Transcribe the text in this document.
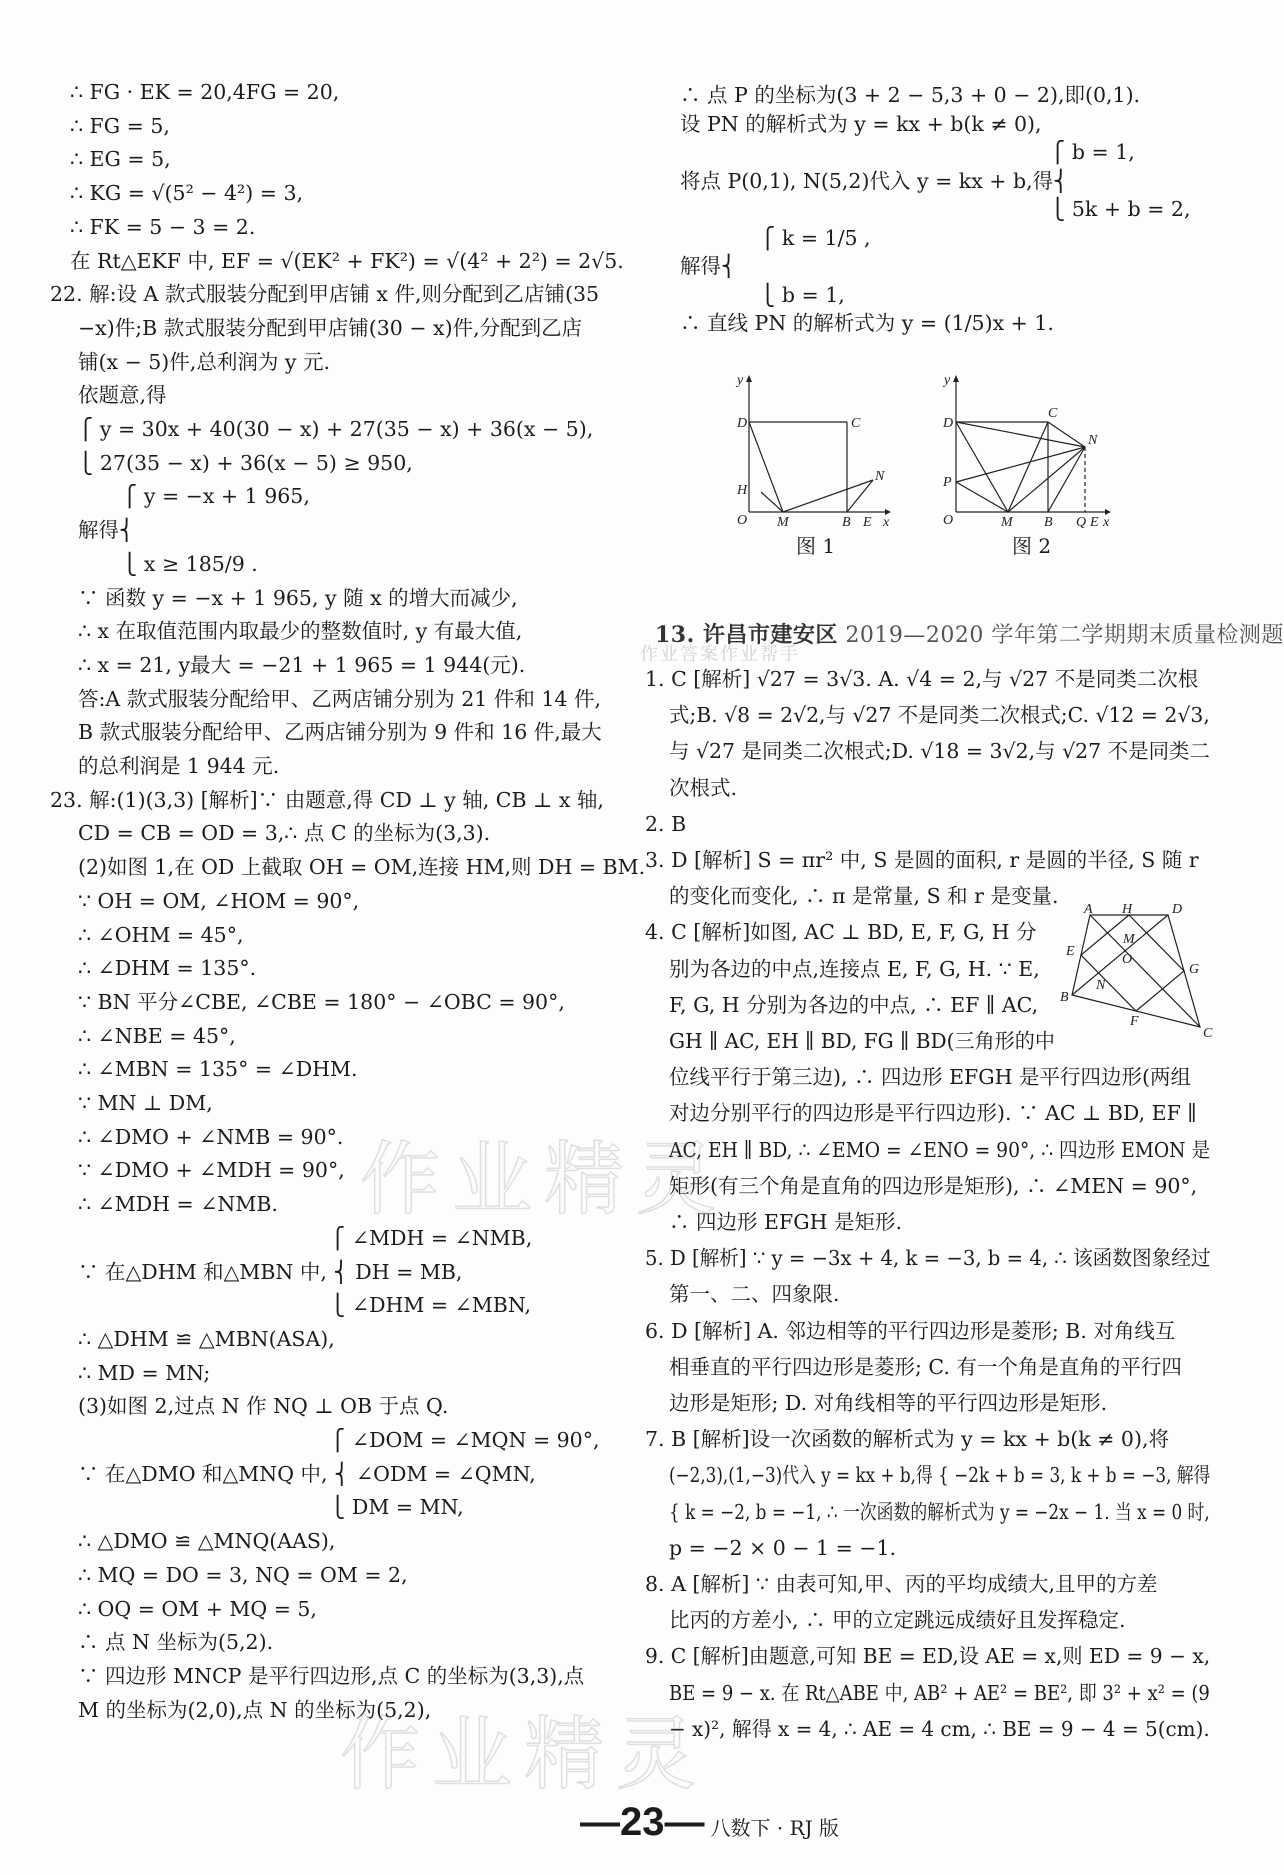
∴ FG · EK = 20,4FG = 20,
∴ FG = 5,
∴ EG = 5,
∴ KG = √(5² − 4²) = 3,
∴ FK = 5 − 3 = 2.
在 Rt△EKF 中, EF = √(EK² + FK²) = √(4² + 2²) = 2√5.
22. 解:设 A 款式服装分配到甲店铺 x 件,则分配到乙店铺(35
−x)件;B 款式服装分配到甲店铺(30 − x)件,分配到乙店
铺(x − 5)件,总利润为 y 元.
依题意,得
⎧ y = 30x + 40(30 − x) + 27(35 − x) + 36(x − 5),
⎩ 27(35 − x) + 36(x − 5) ≥ 950,
⎧ y = −x + 1 965,
解得⎨
⎩ x ≥ 185/9 .
∵ 函数 y = −x + 1 965, y 随 x 的增大而减少,
∴ x 在取值范围内取最少的整数值时, y 有最大值,
∴ x = 21, y最大 = −21 + 1 965 = 1 944(元).
答:A 款式服装分配给甲、乙两店铺分别为 21 件和 14 件,
B 款式服装分配给甲、乙两店铺分别为 9 件和 16 件,最大
的总利润是 1 944 元.
23. 解:(1)(3,3) [解析]∵ 由题意,得 CD ⊥ y 轴, CB ⊥ x 轴,
CD = CB = OD = 3,∴ 点 C 的坐标为(3,3).
(2)如图 1,在 OD 上截取 OH = OM,连接 HM,则 DH = BM.
∵ OH = OM, ∠HOM = 90°,
∴ ∠OHM = 45°,
∴ ∠DHM = 135°.
∵ BN 平分∠CBE, ∠CBE = 180° − ∠OBC = 90°,
∴ ∠NBE = 45°,
∴ ∠MBN = 135° = ∠DHM.
∵ MN ⊥ DM,
∴ ∠DMO + ∠NMB = 90°.
∵ ∠DMO + ∠MDH = 90°,
∴ ∠MDH = ∠NMB.
⎧ ∠MDH = ∠NMB,
∵ 在△DHM 和△MBN 中, ⎨ DH = MB,
⎩ ∠DHM = ∠MBN,
∴ △DHM ≌ △MBN(ASA),
∴ MD = MN;
(3)如图 2,过点 N 作 NQ ⊥ OB 于点 Q.
⎧ ∠DOM = ∠MQN = 90°,
∵ 在△DMO 和△MNQ 中, ⎨ ∠ODM = ∠QMN,
⎩ DM = MN,
∴ △DMO ≌ △MNQ(AAS),
∴ MQ = DO = 3, NQ = OM = 2,
∴ OQ = OM + MQ = 5,
∴ 点 N 坐标为(5,2).
∵ 四边形 MNCP 是平行四边形,点 C 的坐标为(3,3),点
M 的坐标为(2,0),点 N 的坐标为(5,2),
∴ 点 P 的坐标为(3 + 2 − 5,3 + 0 − 2),即(0,1).
设 PN 的解析式为 y = kx + b(k ≠ 0),
⎧ b = 1,
将点 P(0,1), N(5,2)代入 y = kx + b,得⎨
⎩ 5k + b = 2,
⎧ k = 1/5 ,
解得⎨
⎩ b = 1,
∴ 直线 PN 的解析式为 y = (1/5)x + 1.
y
D	C
H
O M	B E x
N
图 1
y
D
C
P
O	M B Q E x
N
图 2
13. 许昌市建安区 2019—2020 学年第二学期期末质量检测题
1. C [解析] √27 = 3√3. A. √4 = 2,与 √27 不是同类二次根
式;B. √8 = 2√2,与 √27 不是同类二次根式;C. √12 = 2√3,
与 √27 是同类二次根式;D. √18 = 3√2,与 √27 不是同类二
次根式.
2. B
3. D [解析] S = πr² 中, S 是圆的面积, r 是圆的半径, S 随 r
的变化而变化, ∴ π 是常量, S 和 r 是变量.
4. C [解析]如图, AC ⊥ BD, E, F, G, H 分
别为各边的中点,连接点 E, F, G, H. ∵ E,
F, G, H 分别为各边的中点, ∴ EF ∥ AC,
GH ∥ AC, EH ∥ BD, FG ∥ BD(三角形的中
位线平行于第三边), ∴ 四边形 EFGH 是平行四边形(两组
对边分别平行的四边形是平行四边形). ∵ AC ⊥ BD, EF ∥
AC, EH ∥ BD, ∴ ∠EMO = ∠ENO = 90°, ∴ 四边形 EMON 是
矩形(有三个角是直角的四边形是矩形), ∴ ∠MEN = 90°,
∴ 四边形 EFGH 是矩形.
5. D [解析] ∵ y = −3x + 4, k = −3, b = 4, ∴ 该函数图象经过
第一、二、四象限.
6. D [解析] A. 邻边相等的平行四边形是菱形; B. 对角线互
相垂直的平行四边形是菱形; C. 有一个角是直角的平行四
边形是矩形; D. 对角线相等的平行四边形是矩形.
7. B [解析]设一次函数的解析式为 y = kx + b(k ≠ 0),将
(−2,3),(1,−3)代入 y = kx + b,得 { −2k + b = 3, k + b = −3, 解得
{ k = −2, b = −1, ∴ 一次函数的解析式为 y = −2x − 1. 当 x = 0 时,
p = −2 × 0 − 1 = −1.
8. A [解析] ∵ 由表可知,甲、丙的平均成绩大,且甲的方差
比丙的方差小, ∴ 甲的立定跳远成绩好且发挥稳定.
9. C [解析]由题意,可知 BE = ED,设 AE = x,则 ED = 9 − x,
BE = 9 − x. 在 Rt△ABE 中, AB² + AE² = BE², 即 3² + x² = (9
− x)², 解得 x = 4, ∴ AE = 4 cm, ∴ BE = 9 − 4 = 5(cm).
A H	D
E
B
G
F
C
M
N
O
作业精灵
作业精灵
作业答案作业帮手
—23— 八数下 · RJ 版
